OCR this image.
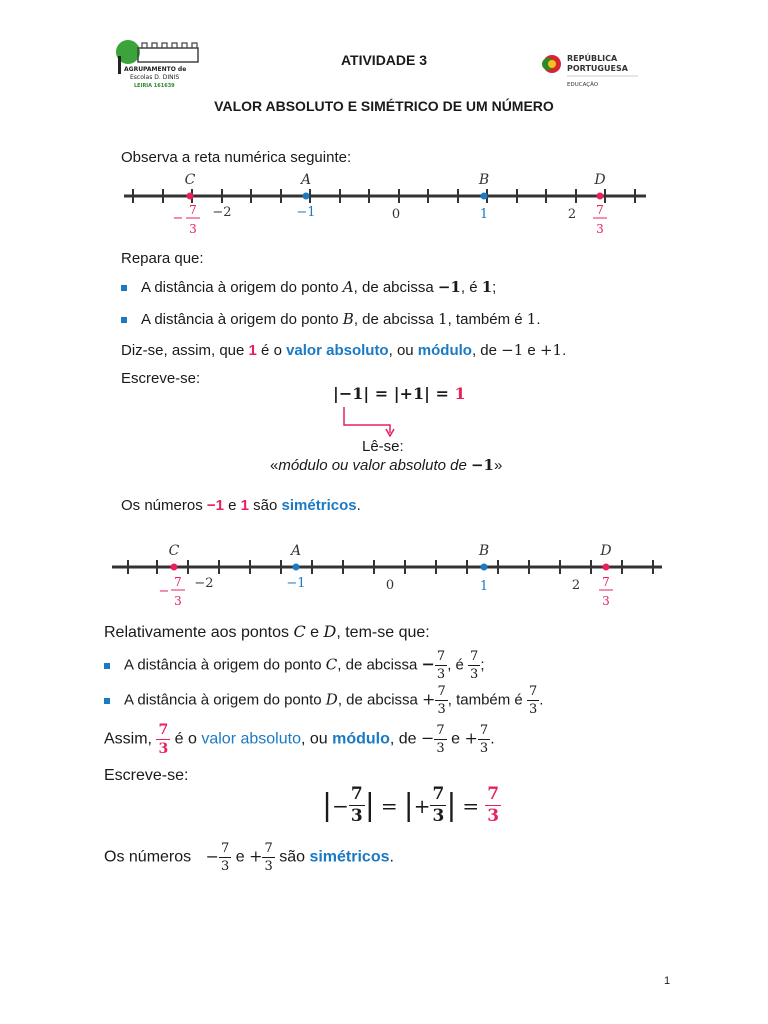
AGRUPAMENTO de
Escolas D. DINIS
LEIRIA 161639
ATIVIDADE 3	REPÚBLICA
PORTUGUESA
EDUCAÇÃO
VALOR ABSOLUTO E SIMÉTRICO DE UM NÚMERO
Observa a reta numérica seguinte:
C	A	B	D
−2	−1	0	1	2
−
7
3
7
3
Repara que:
A distância à origem do ponto A, de abcissa −1, é 1;
A distância à origem do ponto B, de abcissa 1, também é 1.
Diz-se, assim, que 1 é o valor absoluto, ou módulo, de −1 e +1.
Escreve-se:
|−1| = |+1| = 1
Lê-se:
«módulo ou valor absoluto de −1»
Os números −1 e 1 são simétricos.
C	A	B	D
−2	−1	0	1	2
−
7
3
7
3
Relativamente aos pontos C e D, tem-se que:
A distância à origem do ponto C, de abcissa − $\frac{7}{3}$ , é $\frac{7}{3}$ ;
A distância à origem do ponto D, de abcissa + $\frac{7}{3}$ , também é $\frac{7}{3}$ .
Assim, $\frac{7}{3}$ é o valor absoluto, ou módulo, de − $\frac{7}{3}$ $e + \frac{7}{3}$ .
Escreve-se:
| − $\frac{7}{3}$ | = | + $\frac{7}{3}$ | = $\frac{7}{3}$
Os números − $\frac{7}{3}$ $e + \frac{7}{3}$ são simétricos.
1
